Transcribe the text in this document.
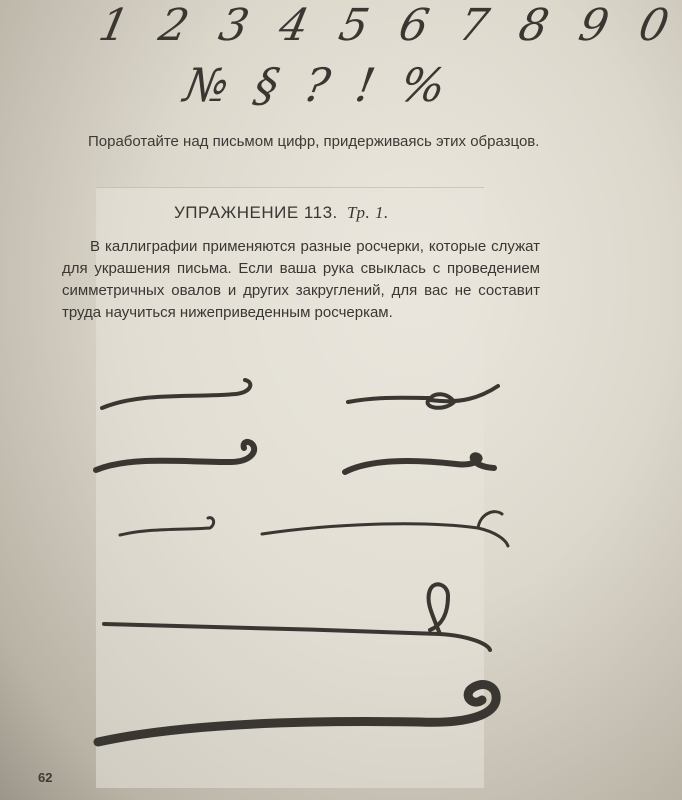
1 2 3 4 5 6 7 8 9 0
№ § ? ! %
Поработайте над письмом цифр, придерживаясь этих образцов.
УПРАЖНЕНИЕ 113. Тр. 1.
В каллиграфии применяются разные росчерки, которые служат для украшения письма. Если ваша рука свыклась с проведением симметричных овалов и других закруглений, для вас не составит труда научиться нижеприведенным росчеркам.
62
